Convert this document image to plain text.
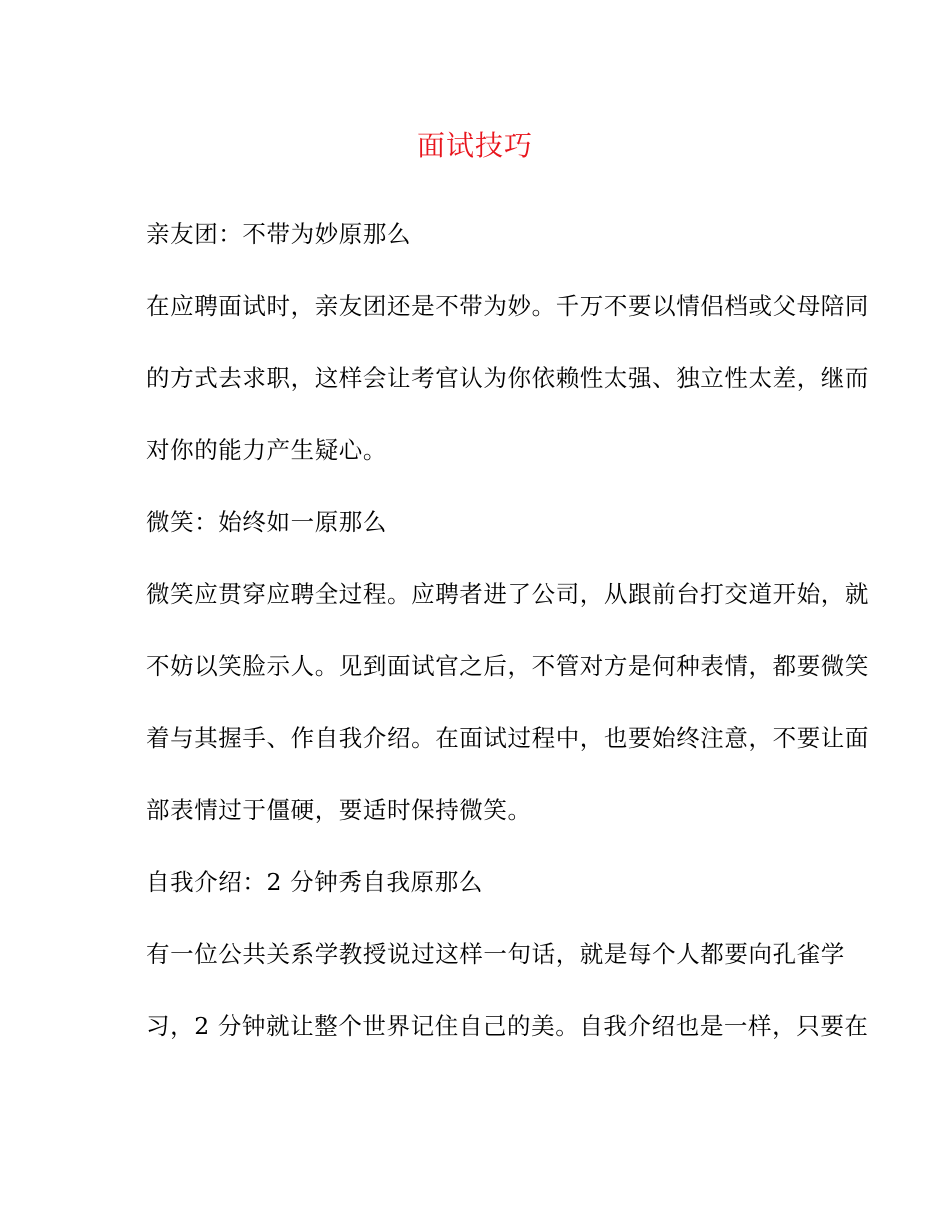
面试技巧
亲友团：不带为妙原那么
在应聘面试时，亲友团还是不带为妙。千万不要以情侣档或父母陪同
的方式去求职，这样会让考官认为你依赖性太强、独立性太差，继而
对你的能力产生疑心。
微笑：始终如一原那么
微笑应贯穿应聘全过程。应聘者进了公司，从跟前台打交道开始，就
不妨以笑脸示人。见到面试官之后，不管对方是何种表情，都要微笑
着与其握手、作自我介绍。在面试过程中，也要始终注意，不要让面
部表情过于僵硬，要适时保持微笑。
自我介绍：2 分钟秀自我原那么
有一位公共关系学教授说过这样一句话，就是每个人都要向孔雀学
习，2 分钟就让整个世界记住自己的美。自我介绍也是一样，只要在
